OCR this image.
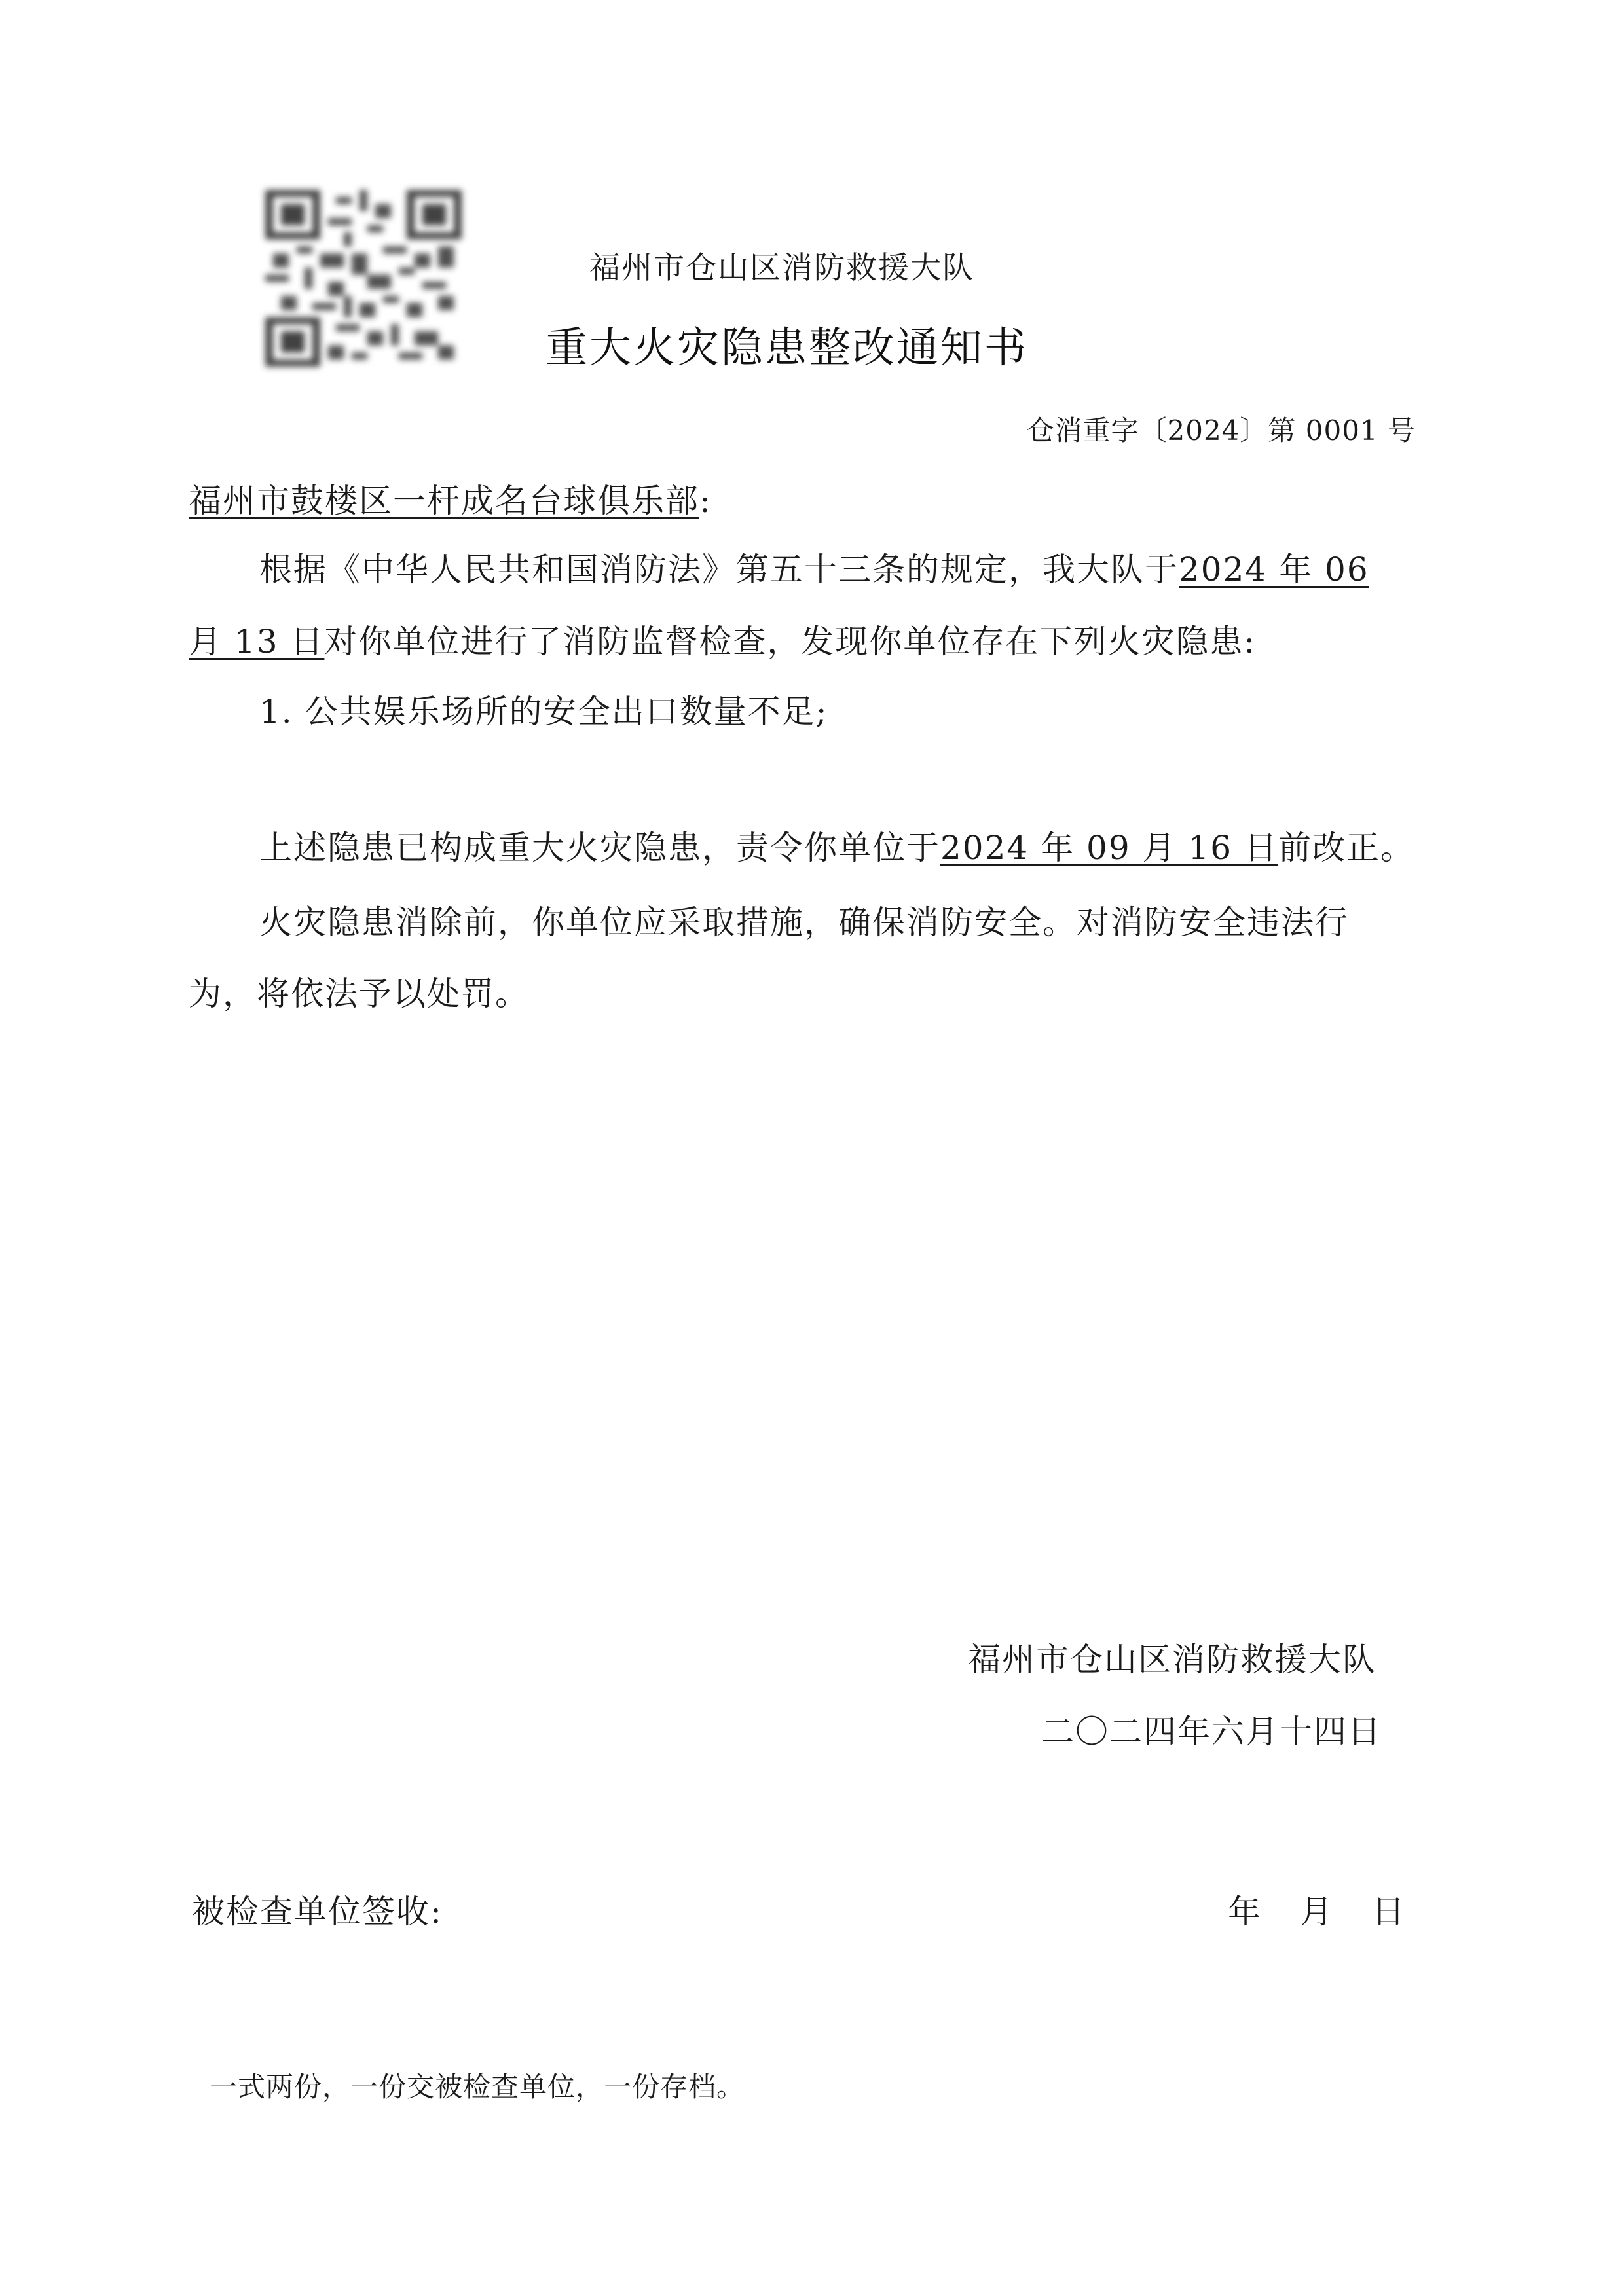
福州市仓山区消防救援大队
重大火灾隐患整改通知书
仓消重字〔2024〕第 0001 号
福州市鼓楼区一杆成名台球俱乐部:
根据《中华人民共和国消防法》第五十三条的规定，我大队于2024 年 06
月 13 日对你单位进行了消防监督检查，发现你单位存在下列火灾隐患:
1. 公共娱乐场所的安全出口数量不足;
上述隐患已构成重大火灾隐患，责令你单位于2024 年 09 月 16 日前改正。
火灾隐患消除前，你单位应采取措施，确保消防安全。对消防安全违法行
为，将依法予以处罚。
福州市仓山区消防救援大队
二〇二四年六月十四日
被检查单位签收:	年 月 日
一式两份，一份交被检查单位，一份存档。
